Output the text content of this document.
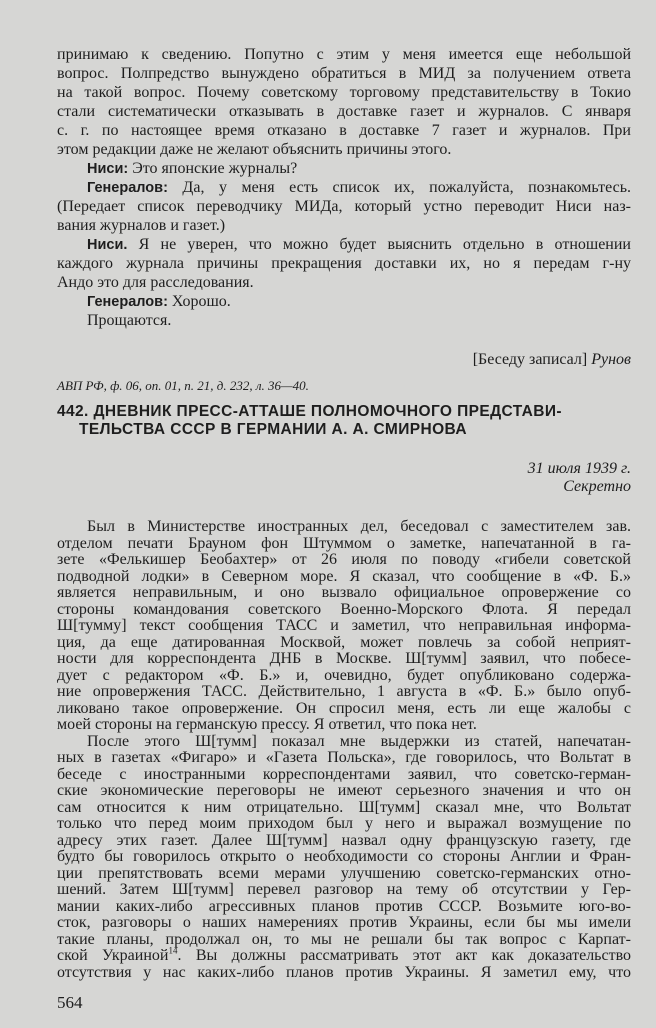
принимаю к сведению. Попутно с этим у меня имеется еще небольшой
вопрос. Полпредство вынуждено обратиться в МИД за получением ответа
на такой вопрос. Почему советскому торговому представительству в Токио
стали систематически отказывать в доставке газет и журналов. С января
с. г. по настоящее время отказано в доставке 7 газет и журналов. При
этом редакции даже не желают объяснить причины этого.
Ниси: Это японские журналы?
Генералов: Да, у меня есть список их, пожалуйста, познакомьтесь.
(Передает список переводчику МИДа, который устно переводит Ниси наз-
вания журналов и газет.)
Ниси. Я не уверен, что можно будет выяснить отдельно в отношении
каждого журнала причины прекращения доставки их, но я передам г-ну
Андо это для расследования.
Генералов: Хорошо.
Прощаются.
[Беседу записал] Рунов
АВП РФ, ф. 06, оп. 01, п. 21, д. 232, л. 36—40.
442. ДНЕВНИК ПРЕСС-АТТАШЕ ПОЛНОМОЧНОГО ПРЕДСТАВИ-
ТЕЛЬСТВА СССР В ГЕРМАНИИ А. А. СМИРНОВА
31 июля 1939 г.
Секретно
Был в Министерстве иностранных дел, беседовал с заместителем зав.
отделом печати Брауном фон Штуммом о заметке, напечатанной в га-
зете «Фелькишер Беобахтер» от 26 июля по поводу «гибели советской
подводной лодки» в Северном море. Я сказал, что сообщение в «Ф. Б.»
является неправильным, и оно вызвало официальное опровержение со
стороны командования советского Военно-Морского Флота. Я передал
Ш[тумму] текст сообщения ТАСС и заметил, что неправильная информа-
ция, да еще датированная Москвой, может повлечь за собой неприят-
ности для корреспондента ДНБ в Москве. Ш[тумм] заявил, что побесе-
дует с редактором «Ф. Б.» и, очевидно, будет опубликовано содержа-
ние опровержения ТАСС. Действительно, 1 августа в «Ф. Б.» было опуб-
ликовано такое опровержение. Он спросил меня, есть ли еще жалобы с
моей стороны на германскую прессу. Я ответил, что пока нет.
После этого Ш[тумм] показал мне выдержки из статей, напечатан-
ных в газетах «Фигаро» и «Газета Польска», где говорилось, что Вольтат в
беседе с иностранными корреспондентами заявил, что советско-герман-
ские экономические переговоры не имеют серьезного значения и что он
сам относится к ним отрицательно. Ш[тумм] сказал мне, что Вольтат
только что перед моим приходом был у него и выражал возмущение по
адресу этих газет. Далее Ш[тумм] назвал одну французскую газету, где
будто бы говорилось открыто о необходимости со стороны Англии и Фран-
ции препятствовать всеми мерами улучшению советско-германских отно-
шений. Затем Ш[тумм] перевел разговор на тему об отсутствии у Гер-
мании каких-либо агрессивных планов против СССР. Возьмите юго-во-
сток, разговоры о наших намерениях против Украины, если бы мы имели
такие планы, продолжал он, то мы не решали бы так вопрос с Карпат-
ской Украиной$^{14}$. Вы должны рассматривать этот акт как доказательство
отсутствия у нас каких-либо планов против Украины. Я заметил ему, что
564
